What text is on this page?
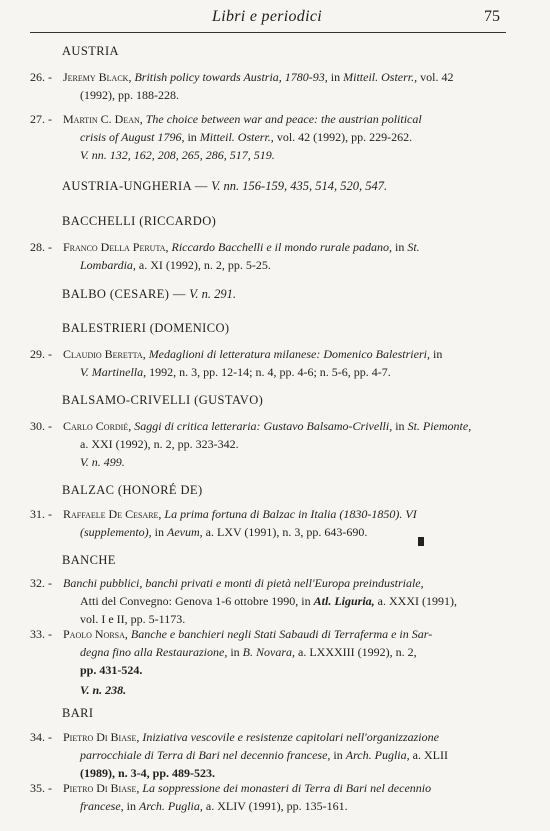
Libri e periodici	75
AUSTRIA
26. - Jeremy Black, British policy towards Austria, 1780-93, in Mitteil. Osterr., vol. 42
(1992), pp. 188-228.
27. - Martin C. Dean, The choice between war and peace: the austrian political
crisis of August 1796, in Mitteil. Osterr., vol. 42 (1992), pp. 229-262.
V. nn. 132, 162, 208, 265, 286, 517, 519.
AUSTRIA-UNGHERIA — V. nn. 156-159, 435, 514, 520, 547.
BACCHELLI (RICCARDO)
28. - Franco Della Peruta, Riccardo Bacchelli e il mondo rurale padano, in St.
Lombardia, a. XI (1992), n. 2, pp. 5-25.
BALBO (CESARE) — V. n. 291.
BALESTRIERI (DOMENICO)
29. - Claudio Beretta, Medaglioni di letteratura milanese: Domenico Balestrieri, in
V. Martinella, 1992, n. 3, pp. 12-14; n. 4, pp. 4-6; n. 5-6, pp. 4-7.
BALSAMO-CRIVELLI (GUSTAVO)
30. - Carlo Cordié, Saggi di critica letteraria: Gustavo Balsamo-Crivelli, in St. Piemonte,
a. XXI (1992), n. 2, pp. 323-342.
V. n. 499.
BALZAC (HONORÉ DE)
31. - Raffaele De Cesare, La prima fortuna di Balzac in Italia (1830-1850). VI
(supplemento), in Aevum, a. LXV (1991), n. 3, pp. 643-690.
BANCHE
32. - Banchi pubblici, banchi privati e monti di pietà nell'Europa preindustriale,
Atti del Convegno: Genova 1-6 ottobre 1990, in Atl. Liguria, a. XXXI (1991),
vol. I e II, pp. 5-1173.
33. - Paolo Norsa, Banche e banchieri negli Stati Sabaudi di Terraferma e in Sar-
degna fino alla Restaurazione, in B. Novara, a. LXXXIII (1992), n. 2,
pp. 431-524.
V. n. 238.
BARI
34. - Pietro Di Biase, Iniziativa vescovile e resistenze capitolari nell'organizzazione
parrocchiale di Terra di Bari nel decennio francese, in Arch. Puglia, a. XLII
(1989), n. 3-4, pp. 489-523.
35. - Pietro Di Biase, La soppressione dei monasteri di Terra di Bari nel decennio
francese, in Arch. Puglia, a. XLIV (1991), pp. 135-161.
